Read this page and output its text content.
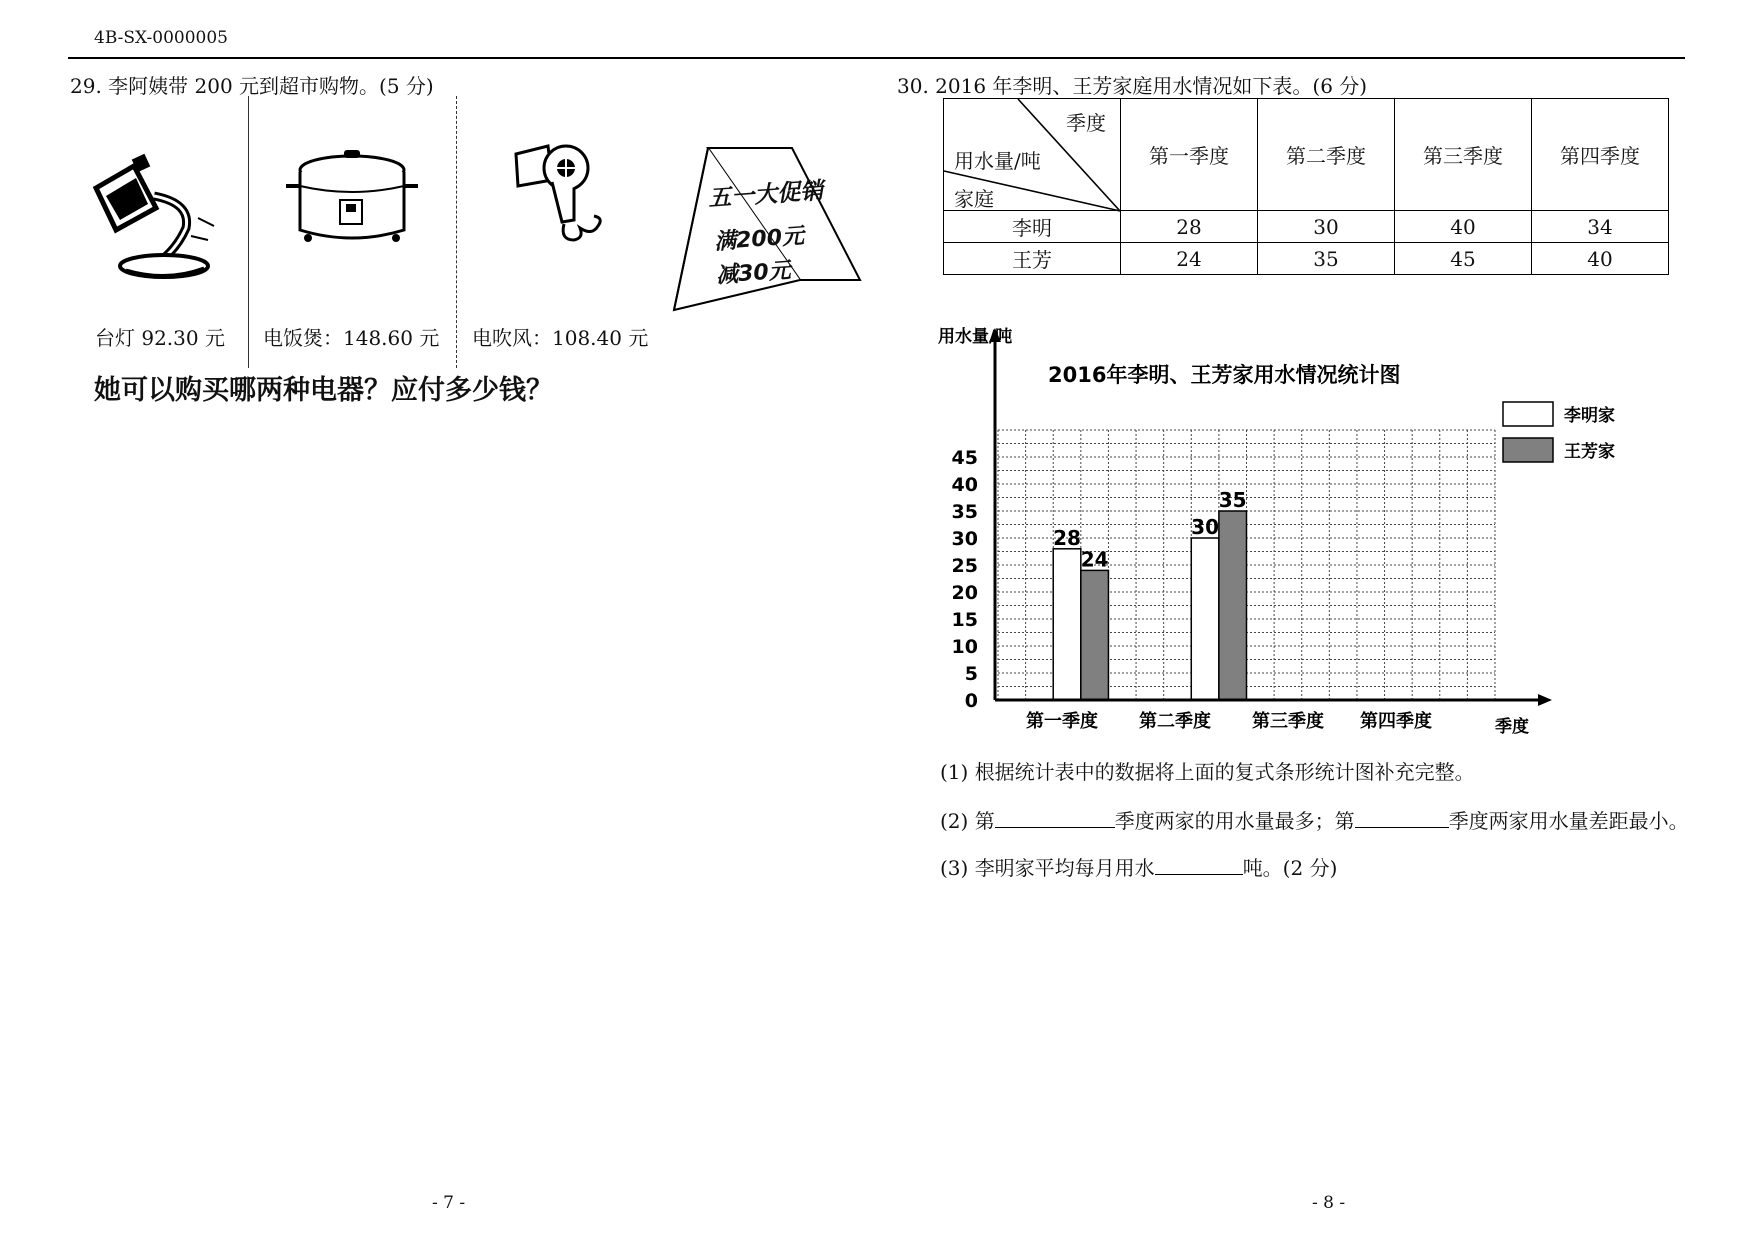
4B-SX-0000005
29. 李阿姨带 200 元到超市购物。(5 分)
五一大促销
满200元
减30元
台灯 92.30 元 电饭煲：148.60 元 电吹风：108.40 元
她可以购买哪两种电器？应付多少钱？
30. 2016 年李明、王芳家庭用水情况如下表。(6 分)
季度
用水量/吨
家庭	第一季度	第二季度	第三季度	第四季度
李明	28	30	40	34
王芳	24	35	45	40
0
5
10
15
20
25
30
35
40
45
第一季度 第二季度 第三季度 第四季度
28	30
24
35
用水量/吨
2016年李明、王芳家用水情况统计图
季度
李明家
王芳家
(1) 根据统计表中的数据将上面的复式条形统计图补充完整。
(2) 第	季度两家的用水量最多；第	季度两家用水量差距最小。
(3) 李明家平均每月用水	吨。(2 分)
- 7 -	- 8 -
